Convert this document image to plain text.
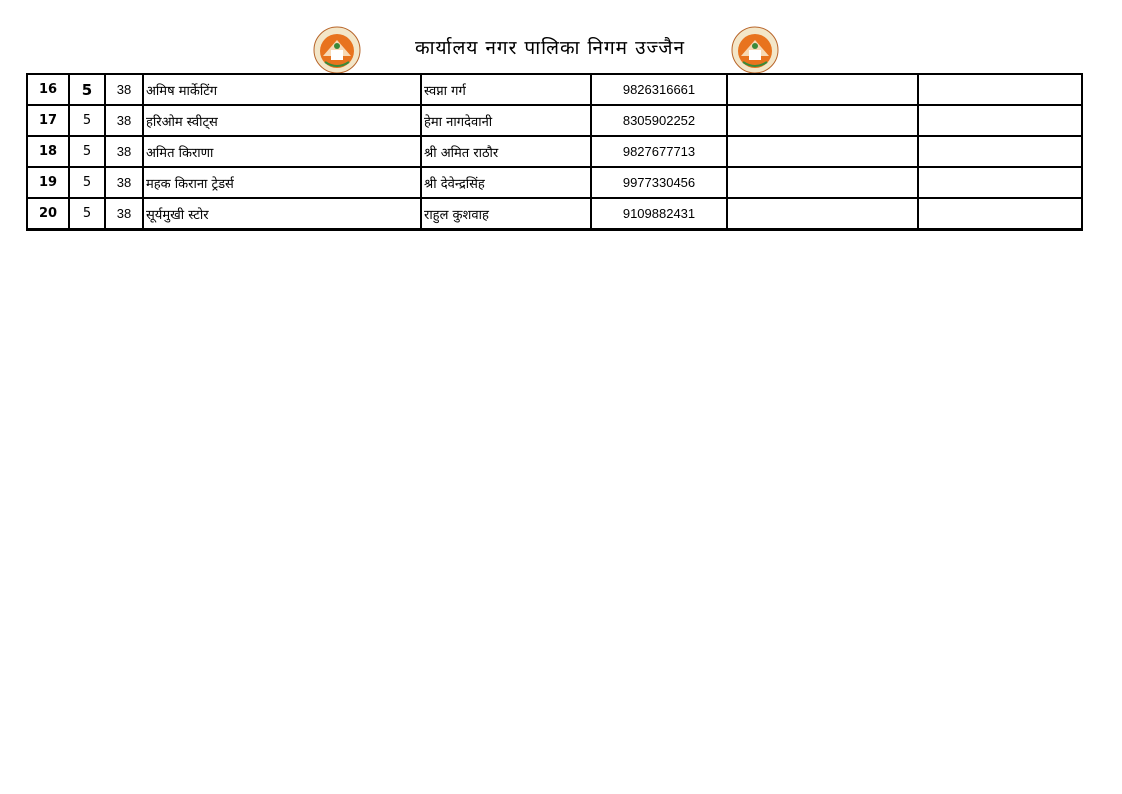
कार्यालय नगर पालिका निगम उज्जैन
16	5	38	अमिष मार्केटिंग	स्वप्ना गर्ग	9826316661		
17	5	38	हरिओम स्वीट्स	हेमा नागदेवानी	8305902252		
18	5	38	अमित किराणा	श्री अमित राठौर	9827677713		
19	5	38	महक किराना ट्रेडर्स	श्री देवेन्द्रसिंह	9977330456		
20	5	38	सूर्यमुखी स्टोर	राहुल कुशवाह	9109882431		
